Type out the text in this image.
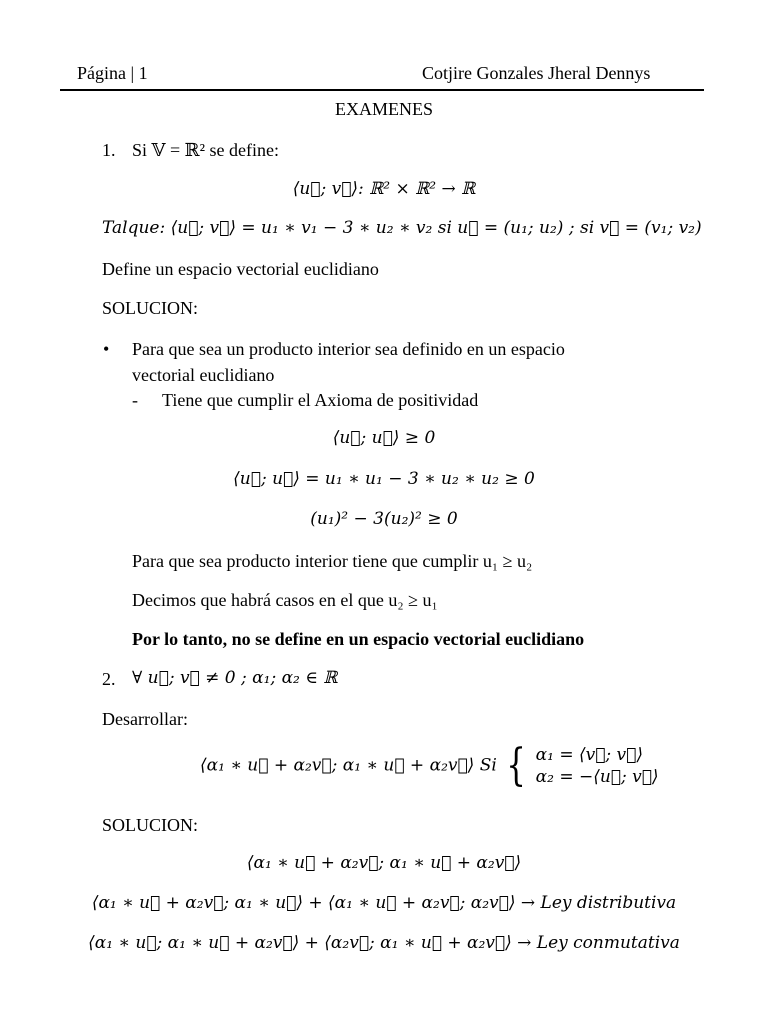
Página | 1	Cotjire Gonzales Jheral Dennys
EXAMENES
1. Si 𝕍 = ℝ² se define:
⟨u⃗; v⃗⟩: ℝ² × ℝ² → ℝ
Talque: ⟨u⃗; v⃗⟩ = u₁ ∗ v₁ − 3 ∗ u₂ ∗ v₂ si u⃗ = (u₁; u₂) ; si v⃗ = (v₁; v₂)
Define un espacio vectorial euclidiano
SOLUCION:
• Para que sea un producto interior sea definido en un espacio
vectorial euclidiano
- Tiene que cumplir el Axioma de positividad
⟨u⃗; u⃗⟩ ≥ 0
⟨u⃗; u⃗⟩ = u₁ ∗ u₁ − 3 ∗ u₂ ∗ u₂ ≥ 0
(u₁)² − 3(u₂)² ≥ 0
Para que sea producto interior tiene que cumplir u₁ ≥ u₂
Decimos que habrá casos en el que u₂ ≥ u₁
Por lo tanto, no se define en un espacio vectorial euclidiano
2. ∀ u⃗; v⃗ ≠ 0 ; α₁; α₂ ∈ ℝ
Desarrollar:
⟨α₁ ∗ u⃗ + α₂v⃗; α₁ ∗ u⃗ + α₂v⃗⟩ Si { α₁ = ⟨v⃗; v⃗⟩
α₂ = −⟨u⃗; v⃗⟩
SOLUCION:
⟨α₁ ∗ u⃗ + α₂v⃗; α₁ ∗ u⃗ + α₂v⃗⟩
⟨α₁ ∗ u⃗ + α₂v⃗; α₁ ∗ u⃗⟩ + ⟨α₁ ∗ u⃗ + α₂v⃗; α₂v⃗⟩ → Ley distributiva
⟨α₁ ∗ u⃗; α₁ ∗ u⃗ + α₂v⃗⟩ + ⟨α₂v⃗; α₁ ∗ u⃗ + α₂v⃗⟩ → Ley conmutativa
